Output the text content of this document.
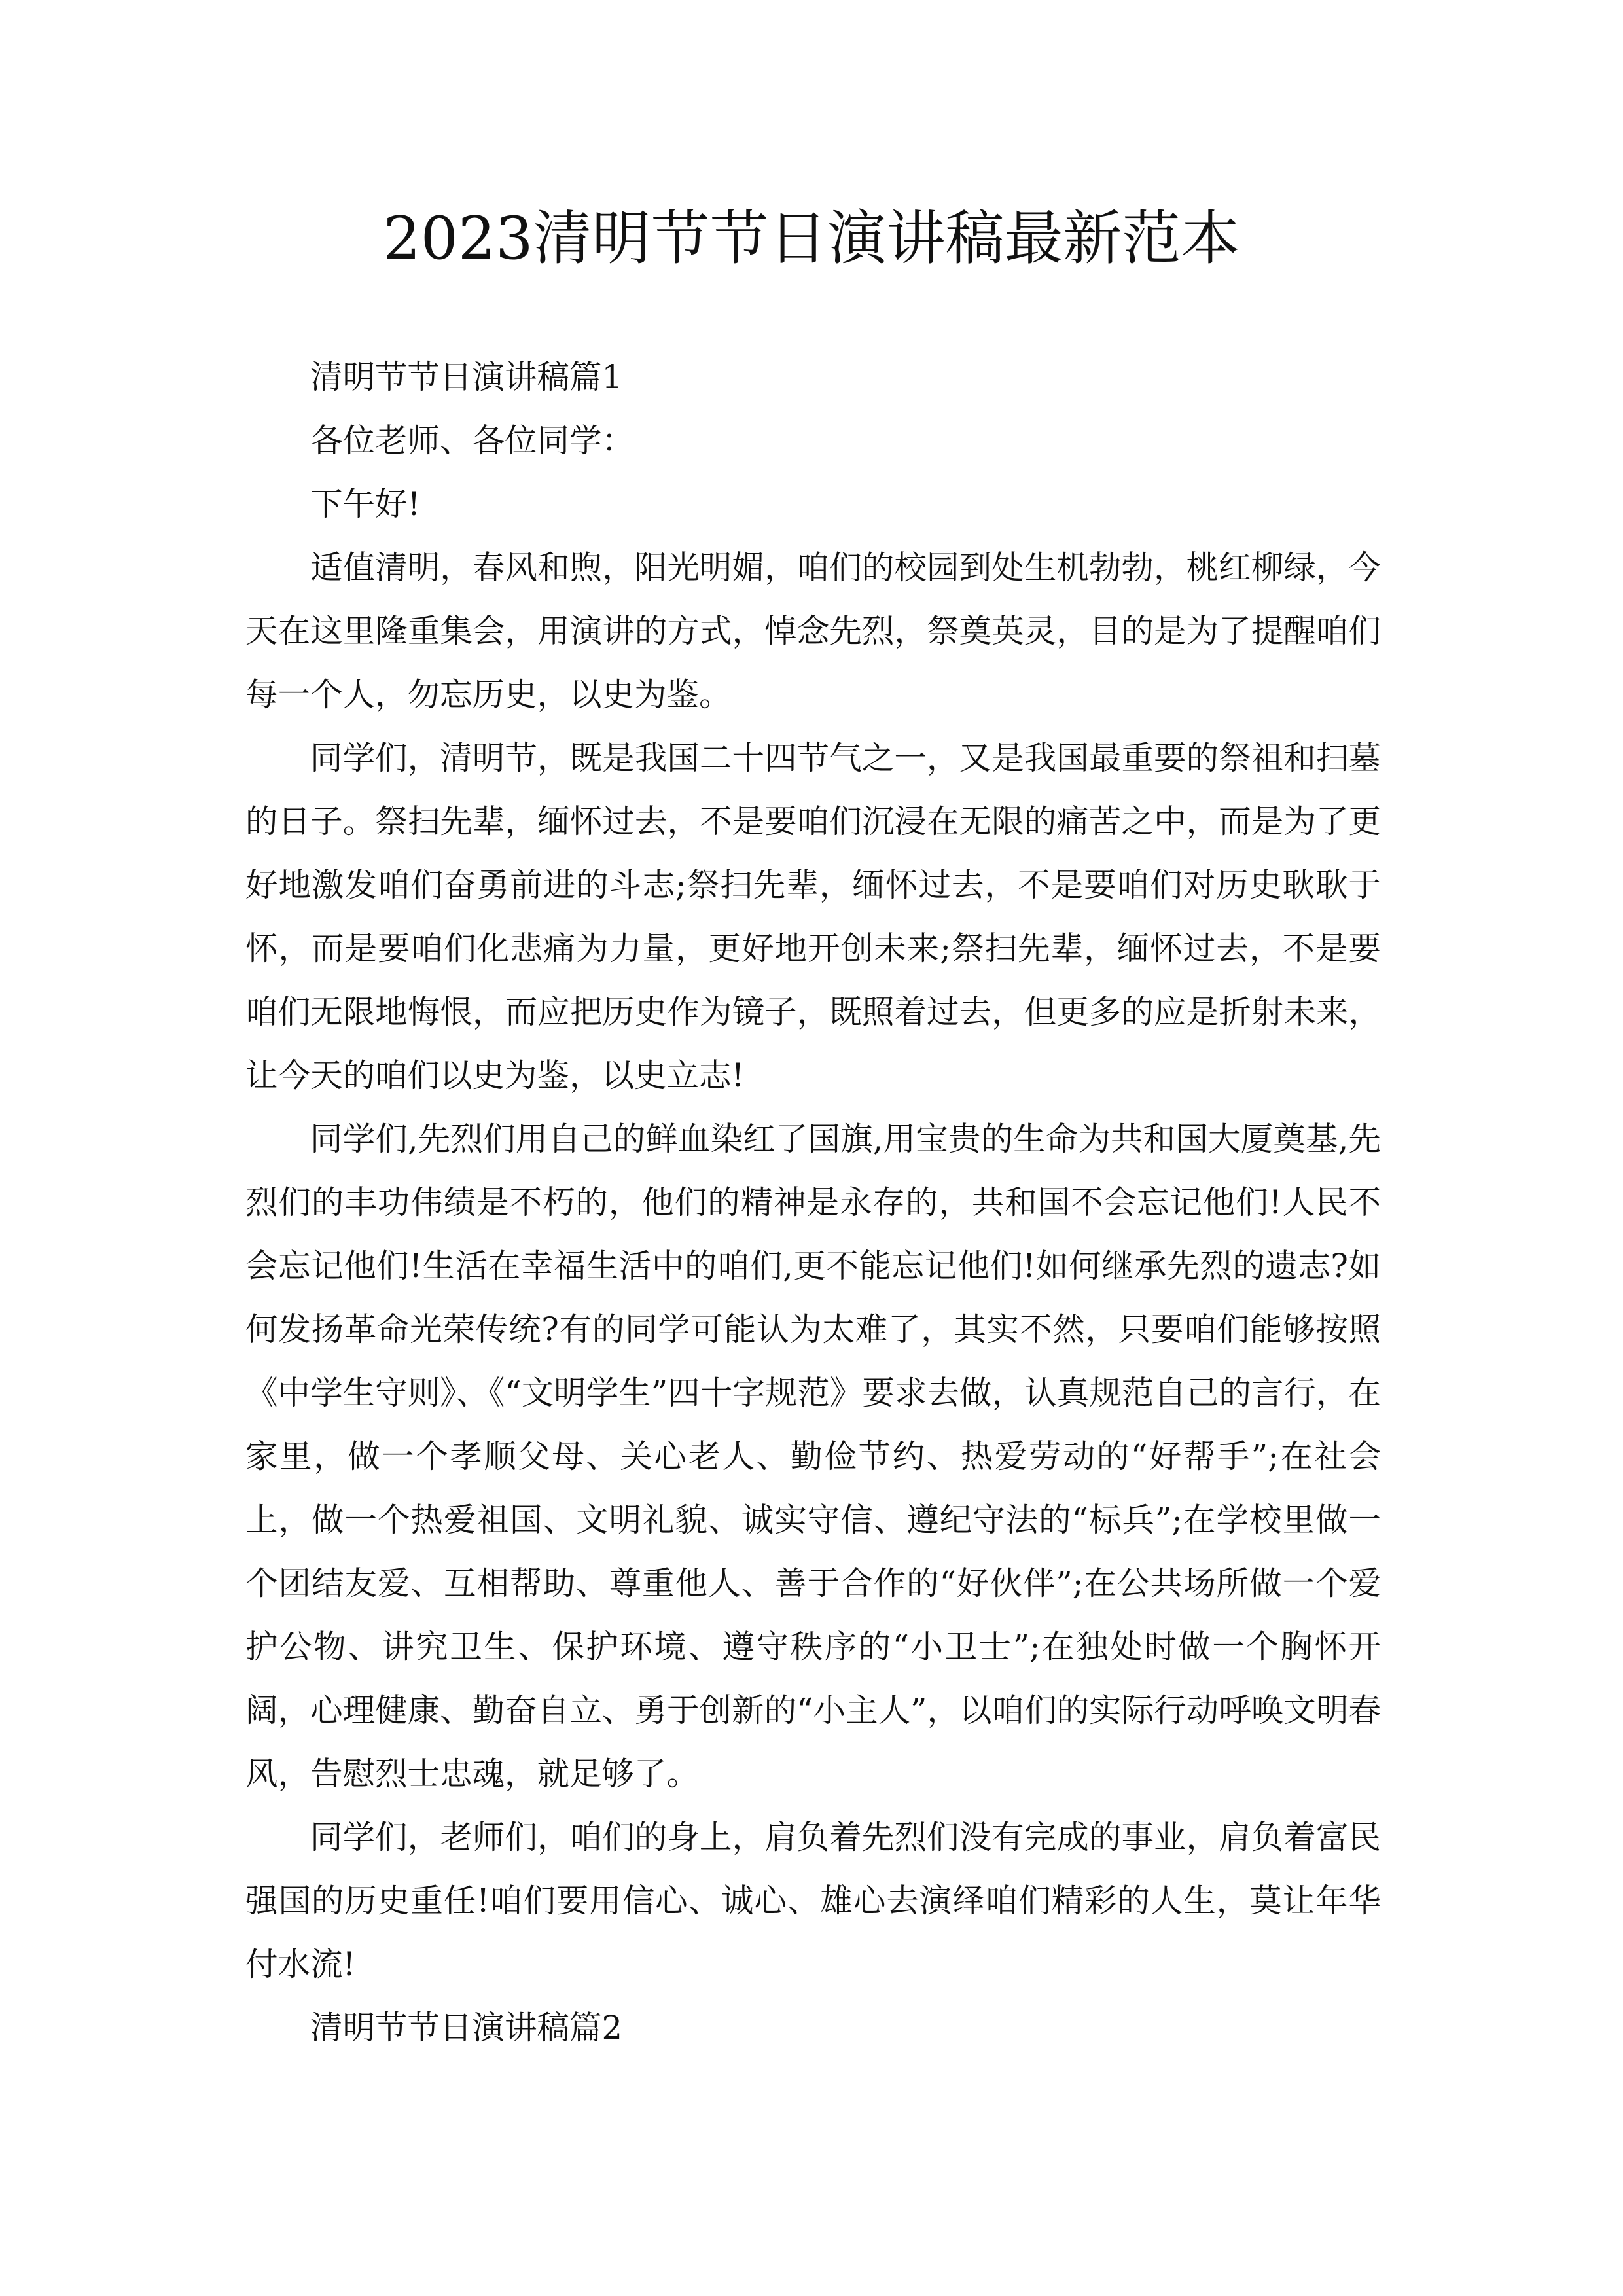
2023清明节节日演讲稿最新范本

清明节节日演讲稿篇1

各位老师、各位同学：

下午好!

适值清明，春风和煦，阳光明媚，咱们的校园到处生机勃勃，桃红柳绿，今天在这里隆重集会，用演讲的方式，悼念先烈，祭奠英灵，目的是为了提醒咱们每一个人，勿忘历史，以史为鉴。

同学们，清明节，既是我国二十四节气之一，又是我国最重要的祭祖和扫墓的日子。祭扫先辈，缅怀过去，不是要咱们沉浸在无限的痛苦之中，而是为了更好地激发咱们奋勇前进的斗志;祭扫先辈，缅怀过去，不是要咱们对历史耿耿于怀，而是要咱们化悲痛为力量，更好地开创未来;祭扫先辈，缅怀过去，不是要咱们无限地悔恨，而应把历史作为镜子，既照着过去，但更多的应是折射未来，让今天的咱们以史为鉴，以史立志!

同学们,先烈们用自己的鲜血染红了国旗,用宝贵的生命为共和国大厦奠基,先烈们的丰功伟绩是不朽的，他们的精神是永存的，共和国不会忘记他们!人民不会忘记他们!生活在幸福生活中的咱们,更不能忘记他们!如何继承先烈的遗志?如何发扬革命光荣传统?有的同学可能认为太难了，其实不然，只要咱们能够按照《中学生守则》、《“文明学生”四十字规范》要求去做，认真规范自己的言行，在家里，做一个孝顺父母、关心老人、勤俭节约、热爱劳动的“好帮手”;在社会上，做一个热爱祖国、文明礼貌、诚实守信、遵纪守法的“标兵”;在学校里做一个团结友爱、互相帮助、尊重他人、善于合作的“好伙伴”;在公共场所做一个爱护公物、讲究卫生、保护环境、遵守秩序的“小卫士”;在独处时做一个胸怀开阔，心理健康、勤奋自立、勇于创新的“小主人”，以咱们的实际行动呼唤文明春风，告慰烈士忠魂，就足够了。

同学们，老师们，咱们的身上，肩负着先烈们没有完成的事业，肩负着富民强国的历史重任!咱们要用信心、诚心、雄心去演绎咱们精彩的人生，莫让年华付水流!

清明节节日演讲稿篇2
